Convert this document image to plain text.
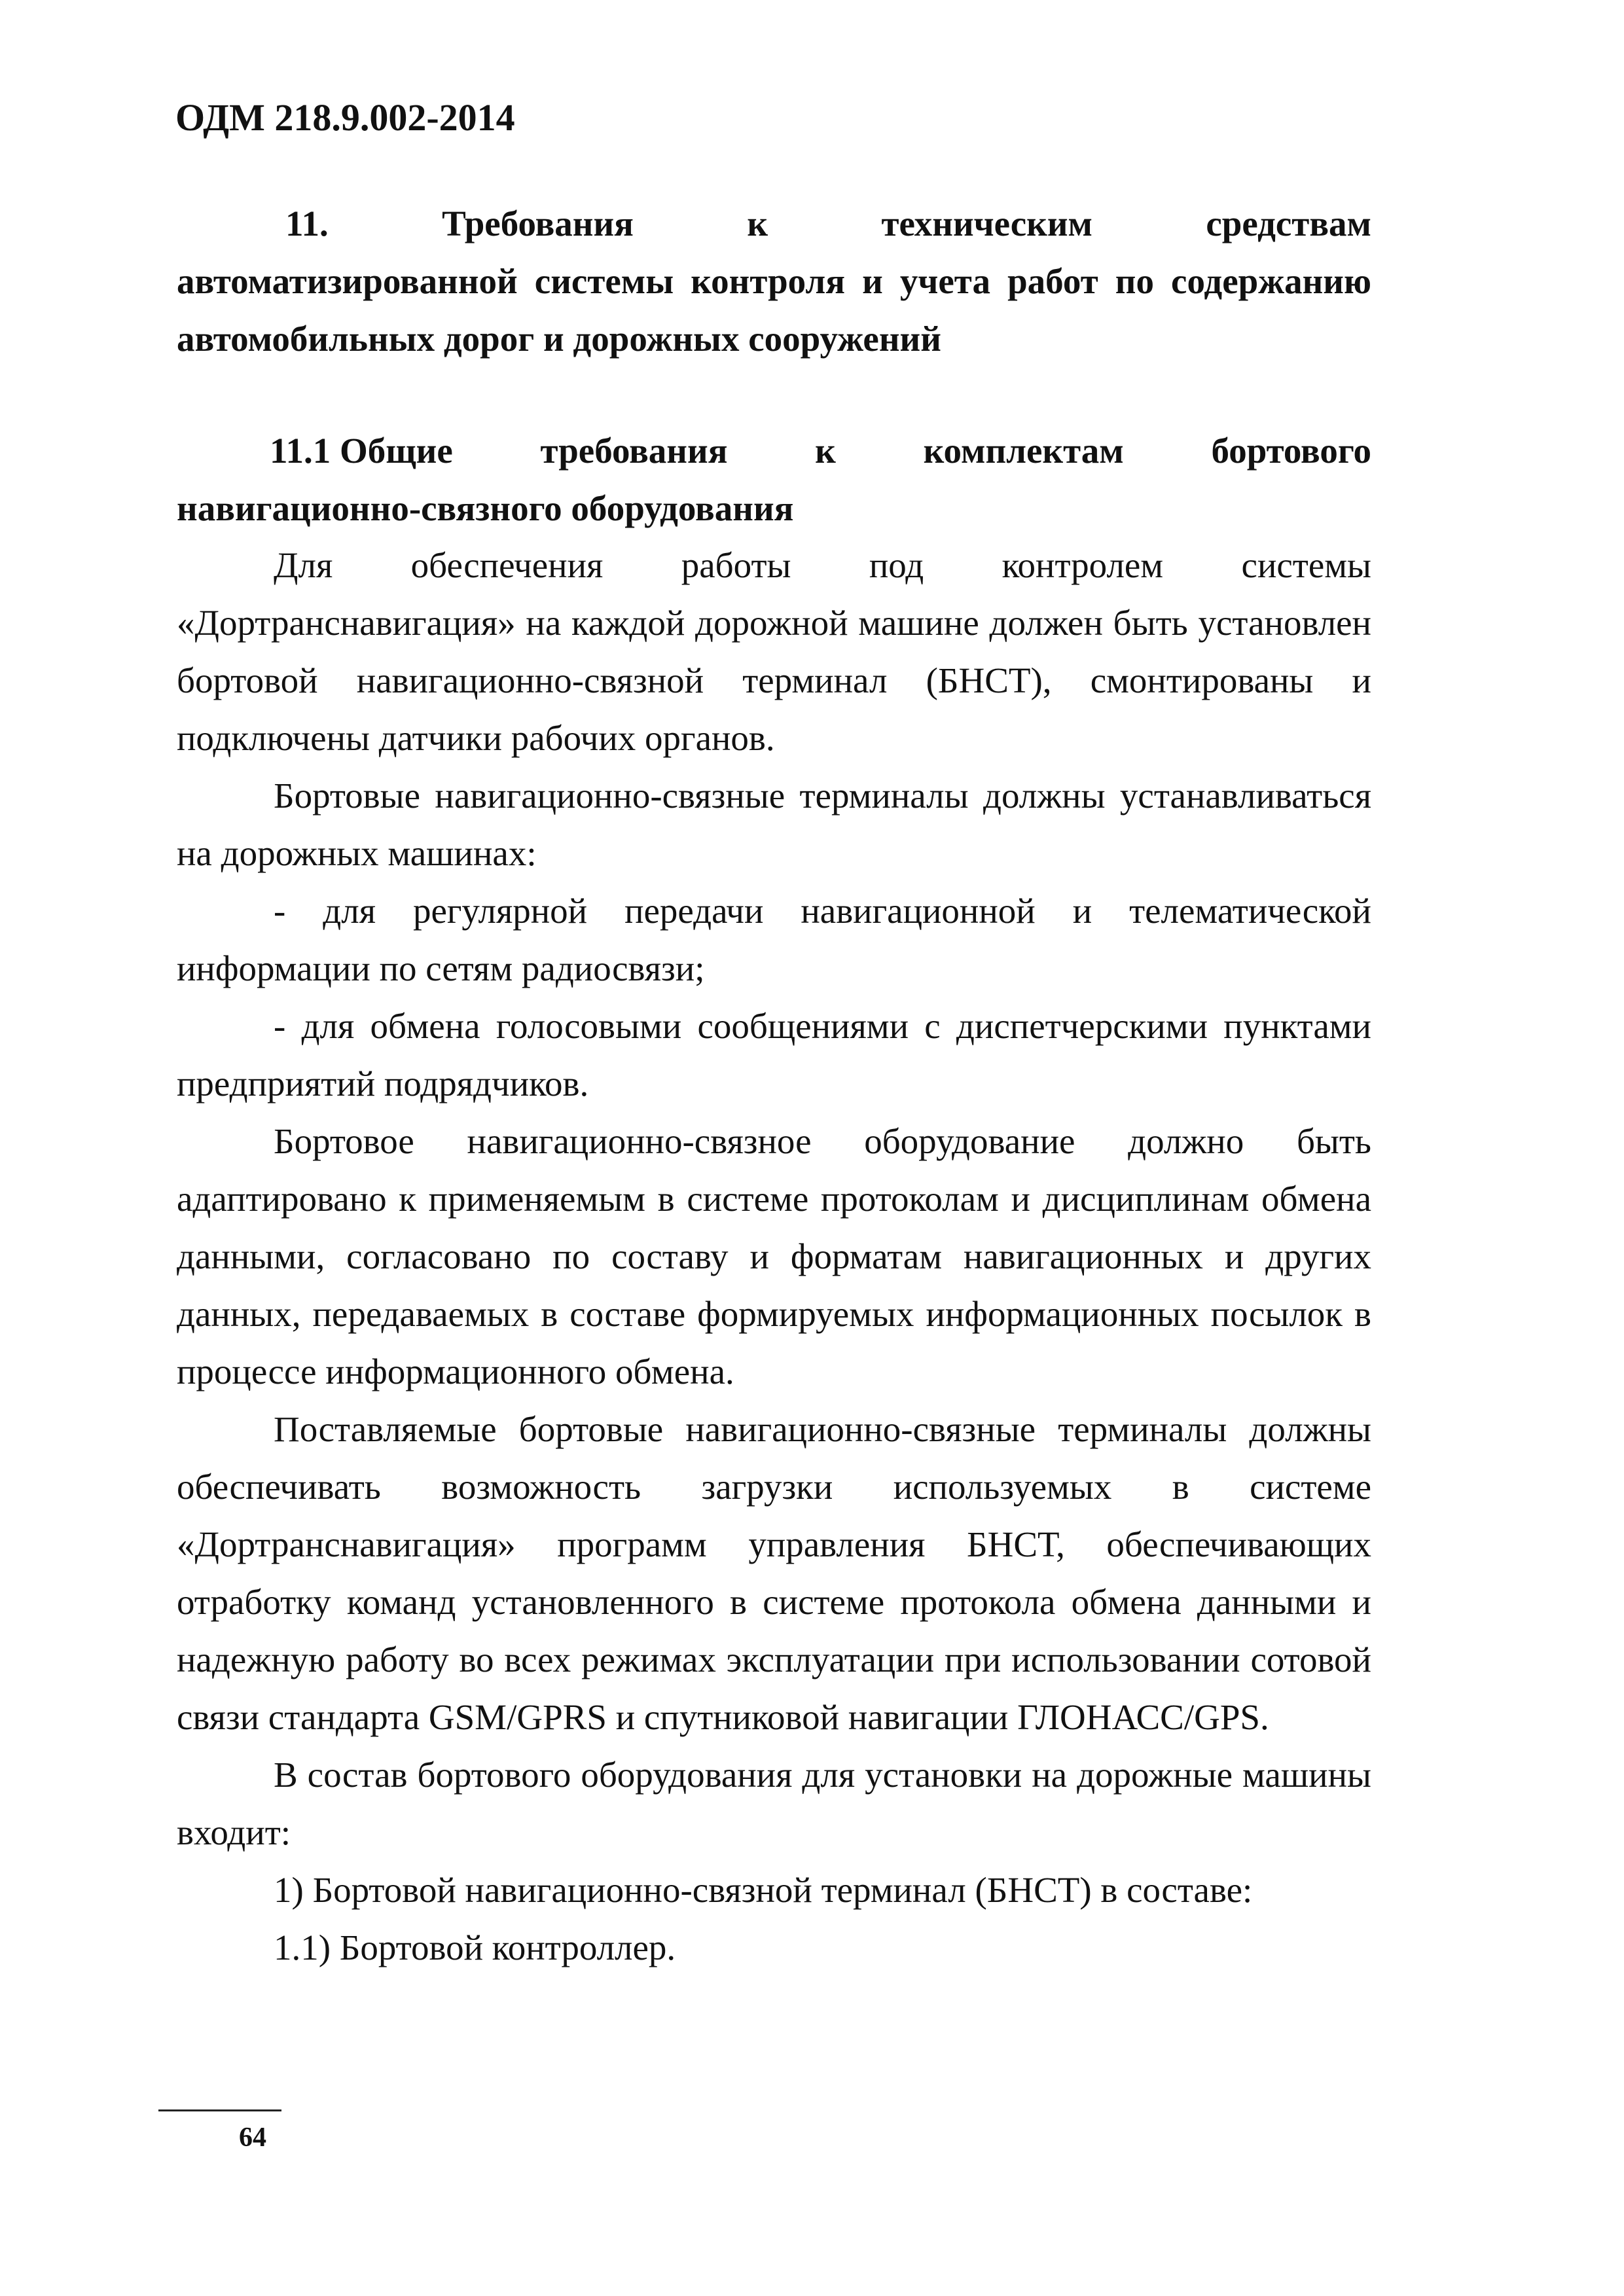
ОДМ 218.9.002-2014

11.	Требования	к	техническим	средствам
автоматизированной системы контроля и учета работ по содержанию автомобильных дорог и дорожных сооружений

11.1 Общие требования к комплектам бортового
навигационно-связного оборудования

Для обеспечения работы под контролем системы «Дортранснавигация» на каждой дорожной машине должен быть установлен бортовой навигационно-связной терминал (БНСТ), смонтированы и подключены датчики рабочих органов.

Бортовые навигационно-связные терминалы должны устанавливаться на дорожных машинах:

- для регулярной передачи навигационной и телематической информации по сетям радиосвязи;

- для обмена голосовыми сообщениями с диспетчерскими пунктами предприятий подрядчиков.

Бортовое навигационно-связное оборудование должно быть адаптировано к применяемым в системе протоколам и дисциплинам обмена данными, согласовано по составу и форматам навигационных и других данных, передаваемых в составе формируемых информационных посылок в процессе информационного обмена.

Поставляемые бортовые навигационно-связные терминалы должны обеспечивать возможность загрузки используемых в системе «Дортранснавигация» программ управления БНСТ, обеспечивающих отработку команд установленного в системе протокола обмена данными и надежную работу во всех режимах эксплуатации при использовании сотовой связи стандарта GSM/GPRS и спутниковой навигации ГЛОНАСС/GPS.

В состав бортового оборудования для установки на дорожные машины входит:

1) Бортовой навигационно-связной терминал (БНСТ) в составе:

1.1) Бортовой контроллер.

64
